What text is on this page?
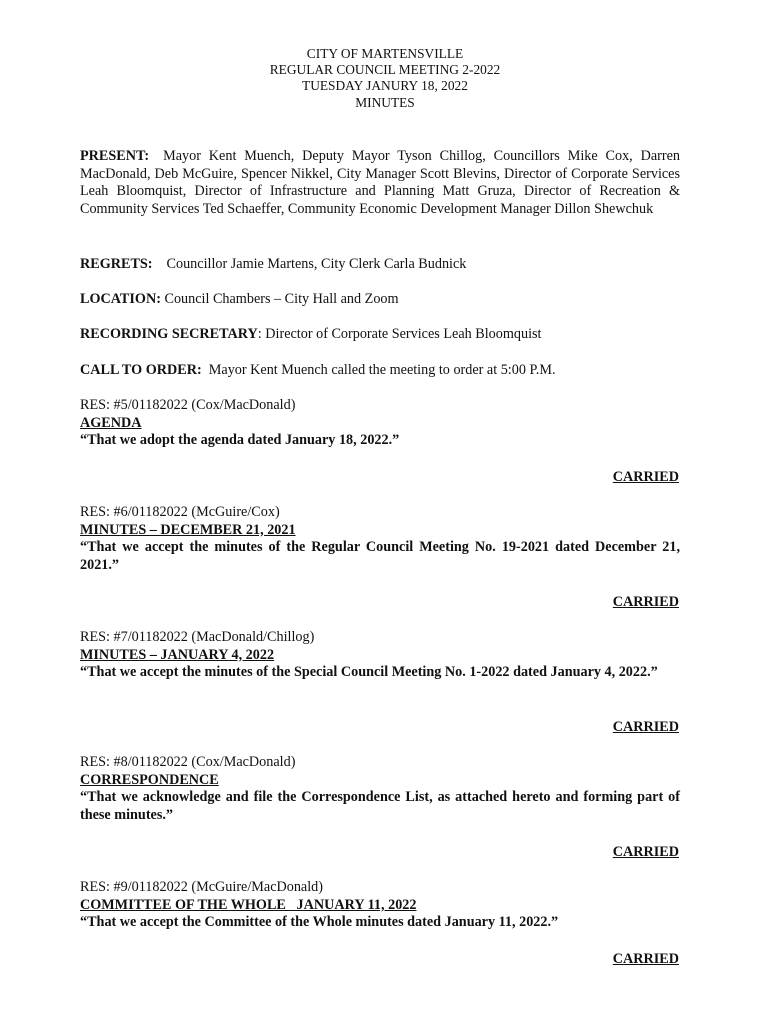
CITY OF MARTENSVILLE
REGULAR COUNCIL MEETING 2-2022
TUESDAY JANURY 18, 2022
MINUTES
PRESENT: Mayor Kent Muench, Deputy Mayor Tyson Chillog, Councillors Mike Cox, Darren MacDonald, Deb McGuire, Spencer Nikkel, City Manager Scott Blevins, Director of Corporate Services Leah Bloomquist, Director of Infrastructure and Planning Matt Gruza, Director of Recreation & Community Services Ted Schaeffer, Community Economic Development Manager Dillon Shewchuk
REGRETS: Councillor Jamie Martens, City Clerk Carla Budnick
LOCATION: Council Chambers – City Hall and Zoom
RECORDING SECRETARY: Director of Corporate Services Leah Bloomquist
CALL TO ORDER: Mayor Kent Muench called the meeting to order at 5:00 P.M.
RES: #5/01182022 (Cox/MacDonald)
AGENDA
“That we adopt the agenda dated January 18, 2022.”
CARRIED
RES: #6/01182022 (McGuire/Cox)
MINUTES – DECEMBER 21, 2021
“That we accept the minutes of the Regular Council Meeting No. 19-2021 dated December 21, 2021.”
CARRIED
RES: #7/01182022 (MacDonald/Chillog)
MINUTES – JANUARY 4, 2022
“That we accept the minutes of the Special Council Meeting No. 1-2022 dated January 4, 2022.”
CARRIED
RES: #8/01182022 (Cox/MacDonald)
CORRESPONDENCE
“That we acknowledge and file the Correspondence List, as attached hereto and forming part of these minutes.”
CARRIED
RES: #9/01182022 (McGuire/MacDonald)
COMMITTEE OF THE WHOLE   JANUARY 11, 2022
“That we accept the Committee of the Whole minutes dated January 11, 2022.”
CARRIED
